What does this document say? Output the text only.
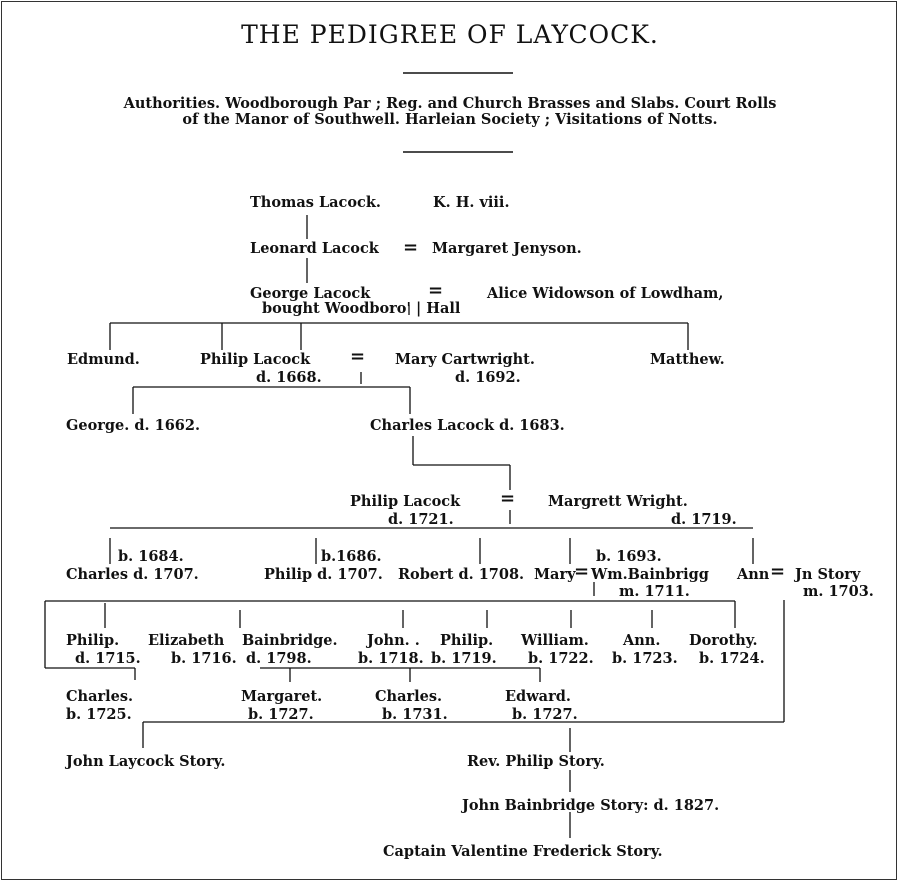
THE PEDIGREE OF LAYCOCK.
Authorities. Woodborough Par ; Reg. and Church Brasses and Slabs. Court Rolls
of the Manor of Southwell. Harleian Society ; Visitations of Notts.
Thomas Lacock.	K. H. viii.
Leonard Lacock = Margaret Jenyson.
George Lacock	=	Alice Widowson of Lowdham,
bought Woodboro' | Hall
Edmund.	Philip Lacock
d. 1668.
= Mary Cartwright.
d. 1692.
Matthew.
George. d. 1662.	Charles Lacock d. 1683.
Philip Lacock
d. 1721.
= Margrett Wright.
d. 1719.
b. 1684.
Charles d. 1707.
b.1686.
Philip d. 1707. Robert d. 1708.
b. 1693.
Mary
= Wm.Bainbrigg
m. 1711.
Ann = Jn Story
m. 1703.
Philip.
d. 1715.
Elizabeth
b. 1716.
Bainbridge.
d. 1798.
John. .
b. 1718.
Philip.
b. 1719.
William.
b. 1722.
Ann.
b. 1723.
Dorothy.
b. 1724.
Charles.
b. 1725.
Margaret.
b. 1727.
Charles.
b. 1731.
Edward.
b. 1727.
John Laycock Story.	Rev. Philip Story.
John Bainbridge Story: d. 1827.
Captain Valentine Frederick Story.
